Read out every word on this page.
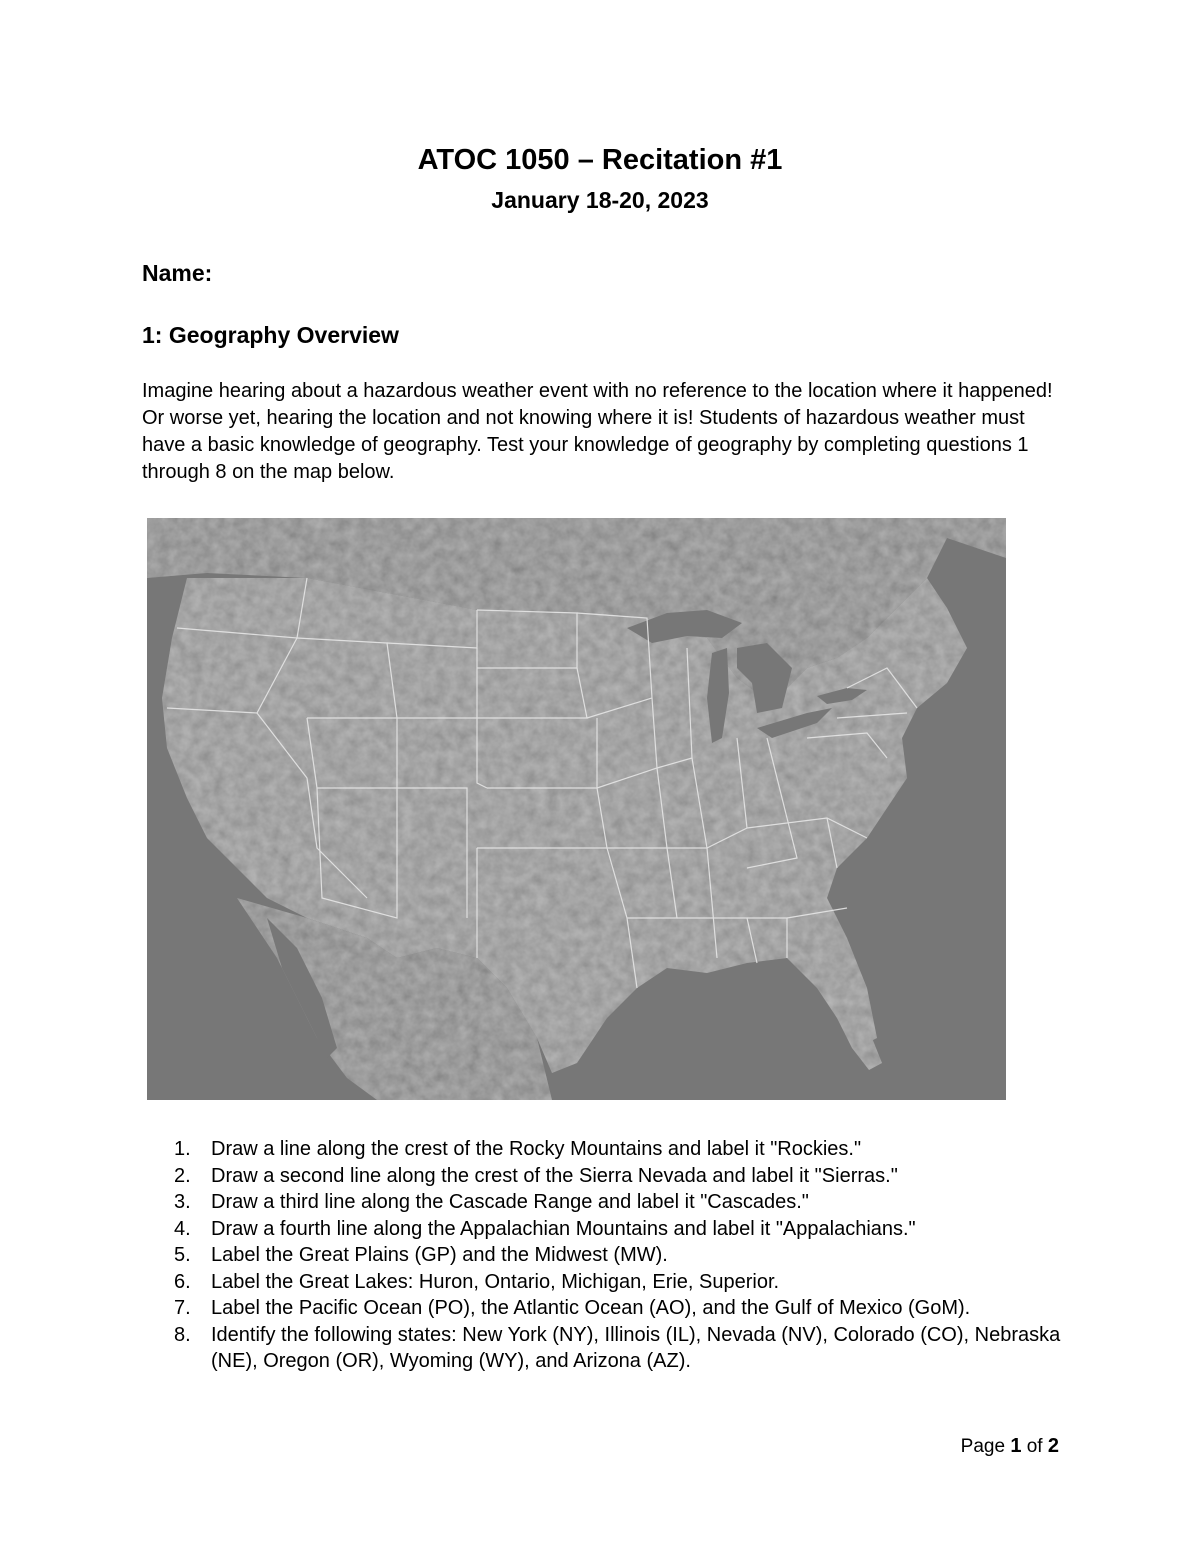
ATOC 1050 – Recitation #1
January 18-20, 2023
Name:
1: Geography Overview

Imagine hearing about a hazardous weather event with no reference to the location where it happened! Or worse yet, hearing the location and not knowing where it is! Students of hazardous weather must have a basic knowledge of geography. Test your knowledge of geography by completing questions 1 through 8 on the map below.

1. Draw a line along the crest of the Rocky Mountains and label it "Rockies."
2. Draw a second line along the crest of the Sierra Nevada and label it "Sierras."
3. Draw a third line along the Cascade Range and label it "Cascades."
4. Draw a fourth line along the Appalachian Mountains and label it "Appalachians."
5. Label the Great Plains (GP) and the Midwest (MW).
6. Label the Great Lakes: Huron, Ontario, Michigan, Erie, Superior.
7. Label the Pacific Ocean (PO), the Atlantic Ocean (AO), and the Gulf of Mexico (GoM).
8. Identify the following states: New York (NY), Illinois (IL), Nevada (NV), Colorado (CO), Nebraska (NE), Oregon (OR), Wyoming (WY), and Arizona (AZ).
Page 1 of 2
